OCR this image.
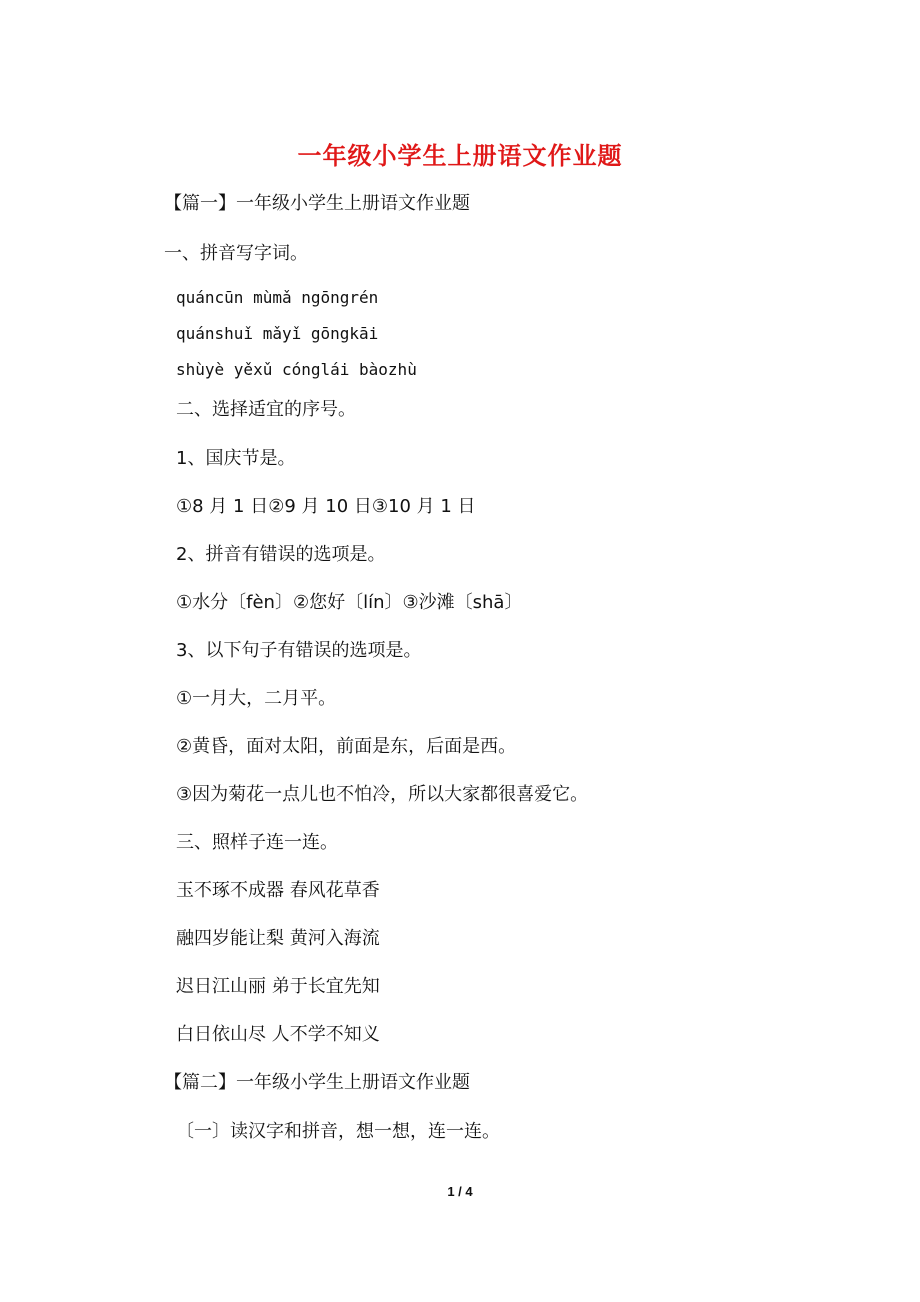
一年级小学生上册语文作业题
【篇一】一年级小学生上册语文作业题
一、拼音写字词。
quáncūn mùmǎ ngōngrén
quánshuǐ mǎyǐ gōngkāi
shùyè yěxǔ cónglái bàozhù
二、选择适宜的序号。
1、国庆节是。
①8 月 1 日②9 月 10 日③10 月 1 日
2、拼音有错误的选项是。
①水分〔fèn〕②您好〔lín〕③沙滩〔shā〕
3、以下句子有错误的选项是。
①一月大，二月平。
②黄昏，面对太阳，前面是东，后面是西。
③因为菊花一点儿也不怕冷，所以大家都很喜爱它。
三、照样子连一连。
玉不琢不成器 春风花草香
融四岁能让梨 黄河入海流
迟日江山丽 弟于长宜先知
白日依山尽 人不学不知义
【篇二】一年级小学生上册语文作业题
〔一〕读汉字和拼音，想一想，连一连。
1 / 4
